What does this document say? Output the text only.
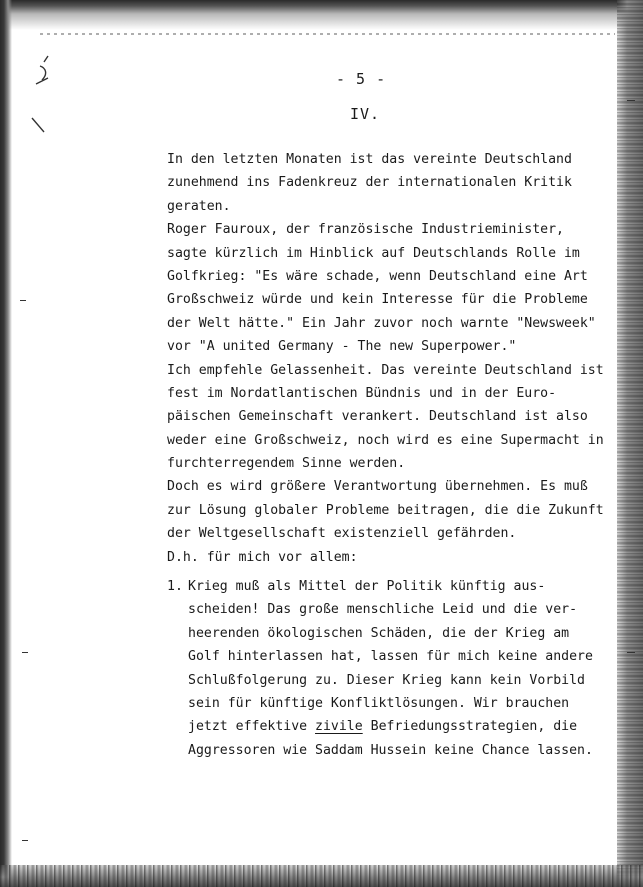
- 5 -
IV.
In den letzten Monaten ist das vereinte Deutschland
zunehmend ins Fadenkreuz der internationalen Kritik
geraten.
Roger Fauroux, der französische Industrieminister,
sagte kürzlich im Hinblick auf Deutschlands Rolle im
Golfkrieg: "Es wäre schade, wenn Deutschland eine Art
Großschweiz würde und kein Interesse für die Probleme
der Welt hätte." Ein Jahr zuvor noch warnte "Newsweek"
vor "A united Germany - The new Superpower."
Ich empfehle Gelassenheit. Das vereinte Deutschland ist
fest im Nordatlantischen Bündnis und in der Euro-
päischen Gemeinschaft verankert. Deutschland ist also
weder eine Großschweiz, noch wird es eine Supermacht in
furchterregendem Sinne werden.
Doch es wird größere Verantwortung übernehmen. Es muß
zur Lösung globaler Probleme beitragen, die die Zukunft
der Weltgesellschaft existenziell gefährden.
D.h. für mich vor allem:
1. Krieg muß als Mittel der Politik künftig aus-
scheiden! Das große menschliche Leid und die ver-
heerenden ökologischen Schäden, die der Krieg am
Golf hinterlassen hat, lassen für mich keine andere
Schlußfolgerung zu. Dieser Krieg kann kein Vorbild
sein für künftige Konfliktlösungen. Wir brauchen
jetzt effektive zivile Befriedungsstrategien, die
Aggressoren wie Saddam Hussein keine Chance lassen.
